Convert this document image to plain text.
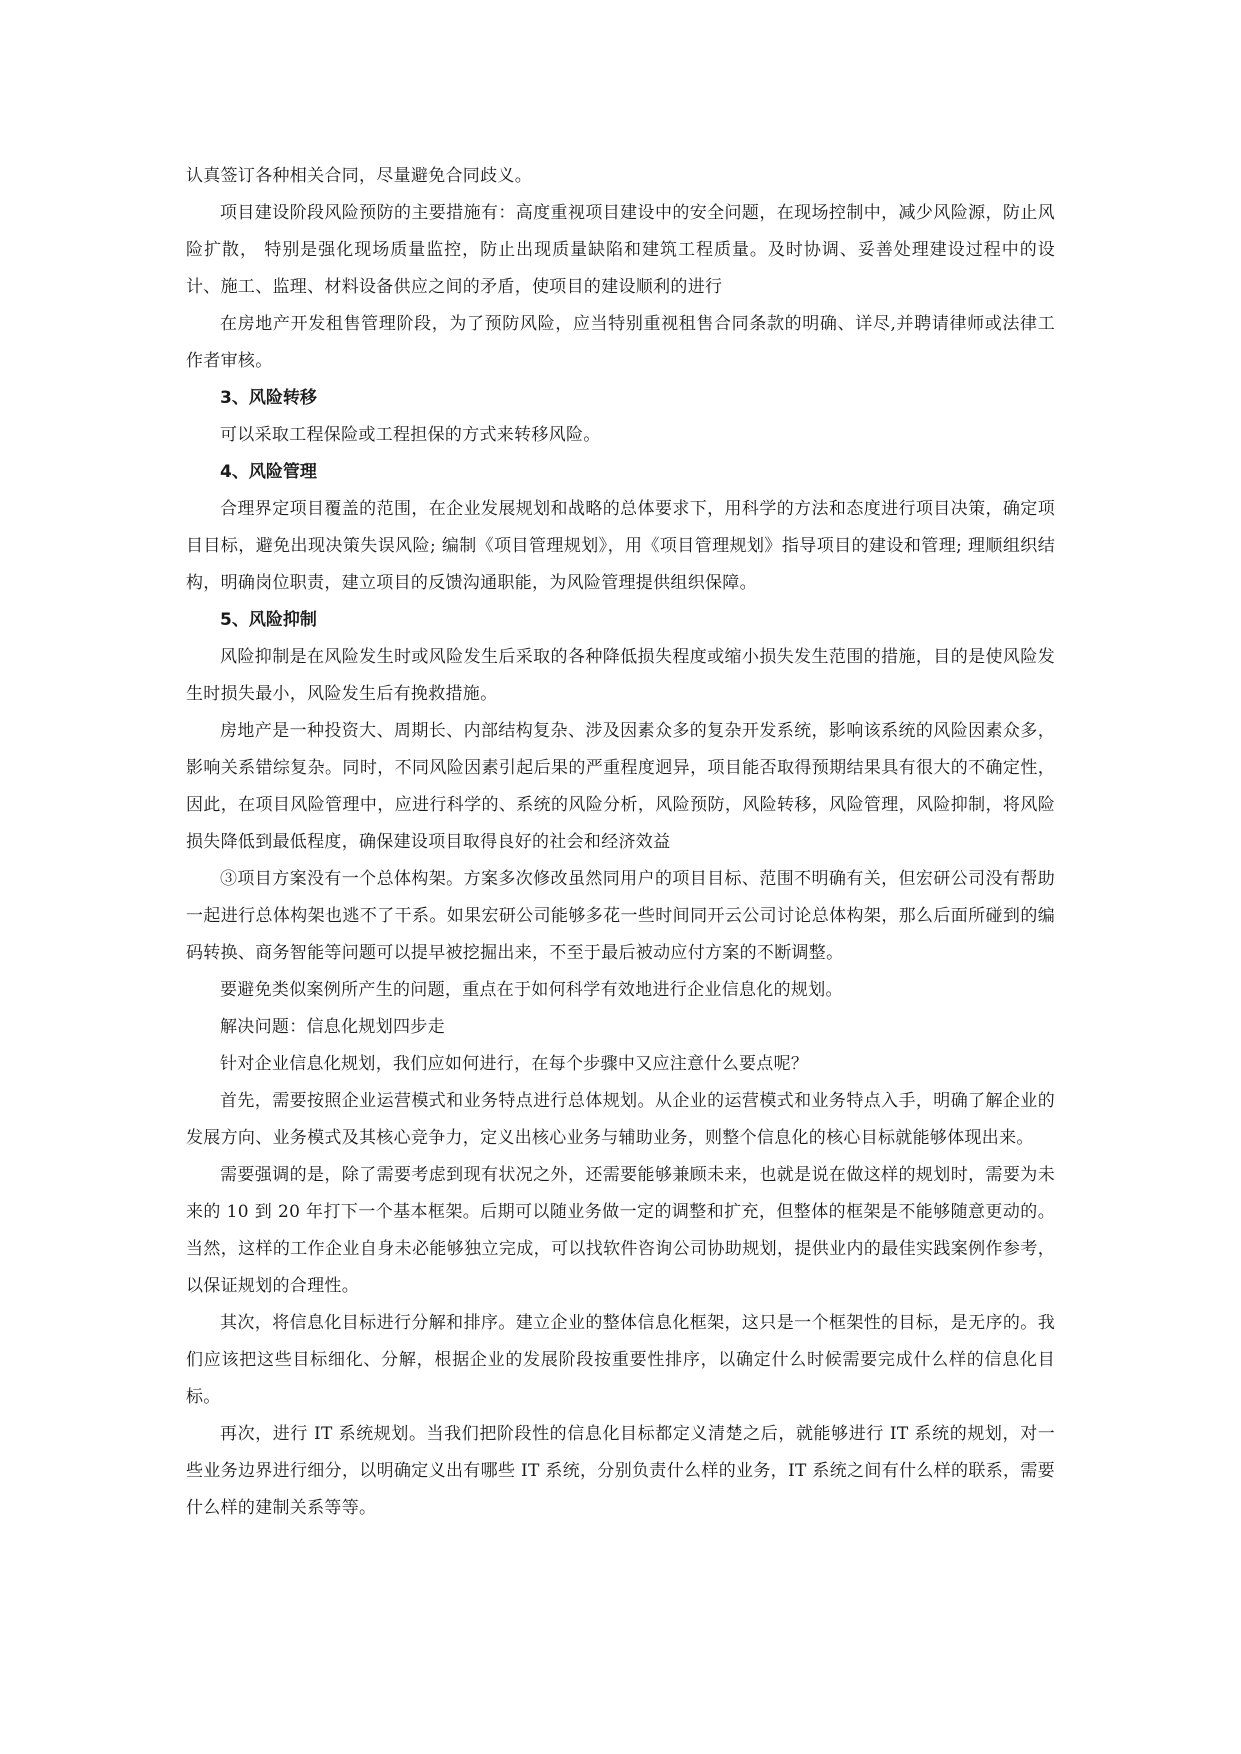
认真签订各种相关合同，尽量避免合同歧义。

项目建设阶段风险预防的主要措施有：高度重视项目建设中的安全问题，在现场控制中，减少风险源，防止风险扩散， 特别是强化现场质量监控，防止出现质量缺陷和建筑工程质量。及时协调、妥善处理建设过程中的设计、施工、监理、材料设备供应之间的矛盾，使项目的建设顺利的进行

在房地产开发租售管理阶段，为了预防风险，应当特别重视租售合同条款的明确、详尽,并聘请律师或法律工作者审核。

3、风险转移

可以采取工程保险或工程担保的方式来转移风险。

4、风险管理

合理界定项目覆盖的范围，在企业发展规划和战略的总体要求下，用科学的方法和态度进行项目决策，确定项目目标，避免出现决策失误风险; 编制《项目管理规划》，用《项目管理规划》指导项目的建设和管理; 理顺组织结构，明确岗位职责，建立项目的反馈沟通职能，为风险管理提供组织保障。

5、风险抑制

风险抑制是在风险发生时或风险发生后采取的各种降低损失程度或缩小损失发生范围的措施，目的是使风险发生时损失最小，风险发生后有挽救措施。

房地产是一种投资大、周期长、内部结构复杂、涉及因素众多的复杂开发系统，影响该系统的风险因素众多，影响关系错综复杂。同时，不同风险因素引起后果的严重程度迥异，项目能否取得预期结果具有很大的不确定性，因此，在项目风险管理中，应进行科学的、系统的风险分析，风险预防，风险转移，风险管理，风险抑制，将风险损失降低到最低程度，确保建设项目取得良好的社会和经济效益

③项目方案没有一个总体构架。方案多次修改虽然同用户的项目目标、范围不明确有关，但宏研公司没有帮助一起进行总体构架也逃不了干系。如果宏研公司能够多花一些时间同开云公司讨论总体构架，那么后面所碰到的编码转换、商务智能等问题可以提早被挖掘出来，不至于最后被动应付方案的不断调整。

要避免类似案例所产生的问题，重点在于如何科学有效地进行企业信息化的规划。

解决问题：信息化规划四步走

针对企业信息化规划，我们应如何进行，在每个步骤中又应注意什么要点呢？

首先，需要按照企业运营模式和业务特点进行总体规划。从企业的运营模式和业务特点入手，明确了解企业的发展方向、业务模式及其核心竞争力，定义出核心业务与辅助业务，则整个信息化的核心目标就能够体现出来。

需要强调的是，除了需要考虑到现有状况之外，还需要能够兼顾未来，也就是说在做这样的规划时，需要为未来的 10 到 20 年打下一个基本框架。后期可以随业务做一定的调整和扩充，但整体的框架是不能够随意更动的。当然，这样的工作企业自身未必能够独立完成，可以找软件咨询公司协助规划，提供业内的最佳实践案例作参考，以保证规划的合理性。

其次，将信息化目标进行分解和排序。建立企业的整体信息化框架，这只是一个框架性的目标，是无序的。我们应该把这些目标细化、分解，根据企业的发展阶段按重要性排序，以确定什么时候需要完成什么样的信息化目标。

再次，进行 IT 系统规划。当我们把阶段性的信息化目标都定义清楚之后，就能够进行 IT 系统的规划，对一些业务边界进行细分，以明确定义出有哪些 IT 系统，分别负责什么样的业务，IT 系统之间有什么样的联系，需要什么样的建制关系等等。
